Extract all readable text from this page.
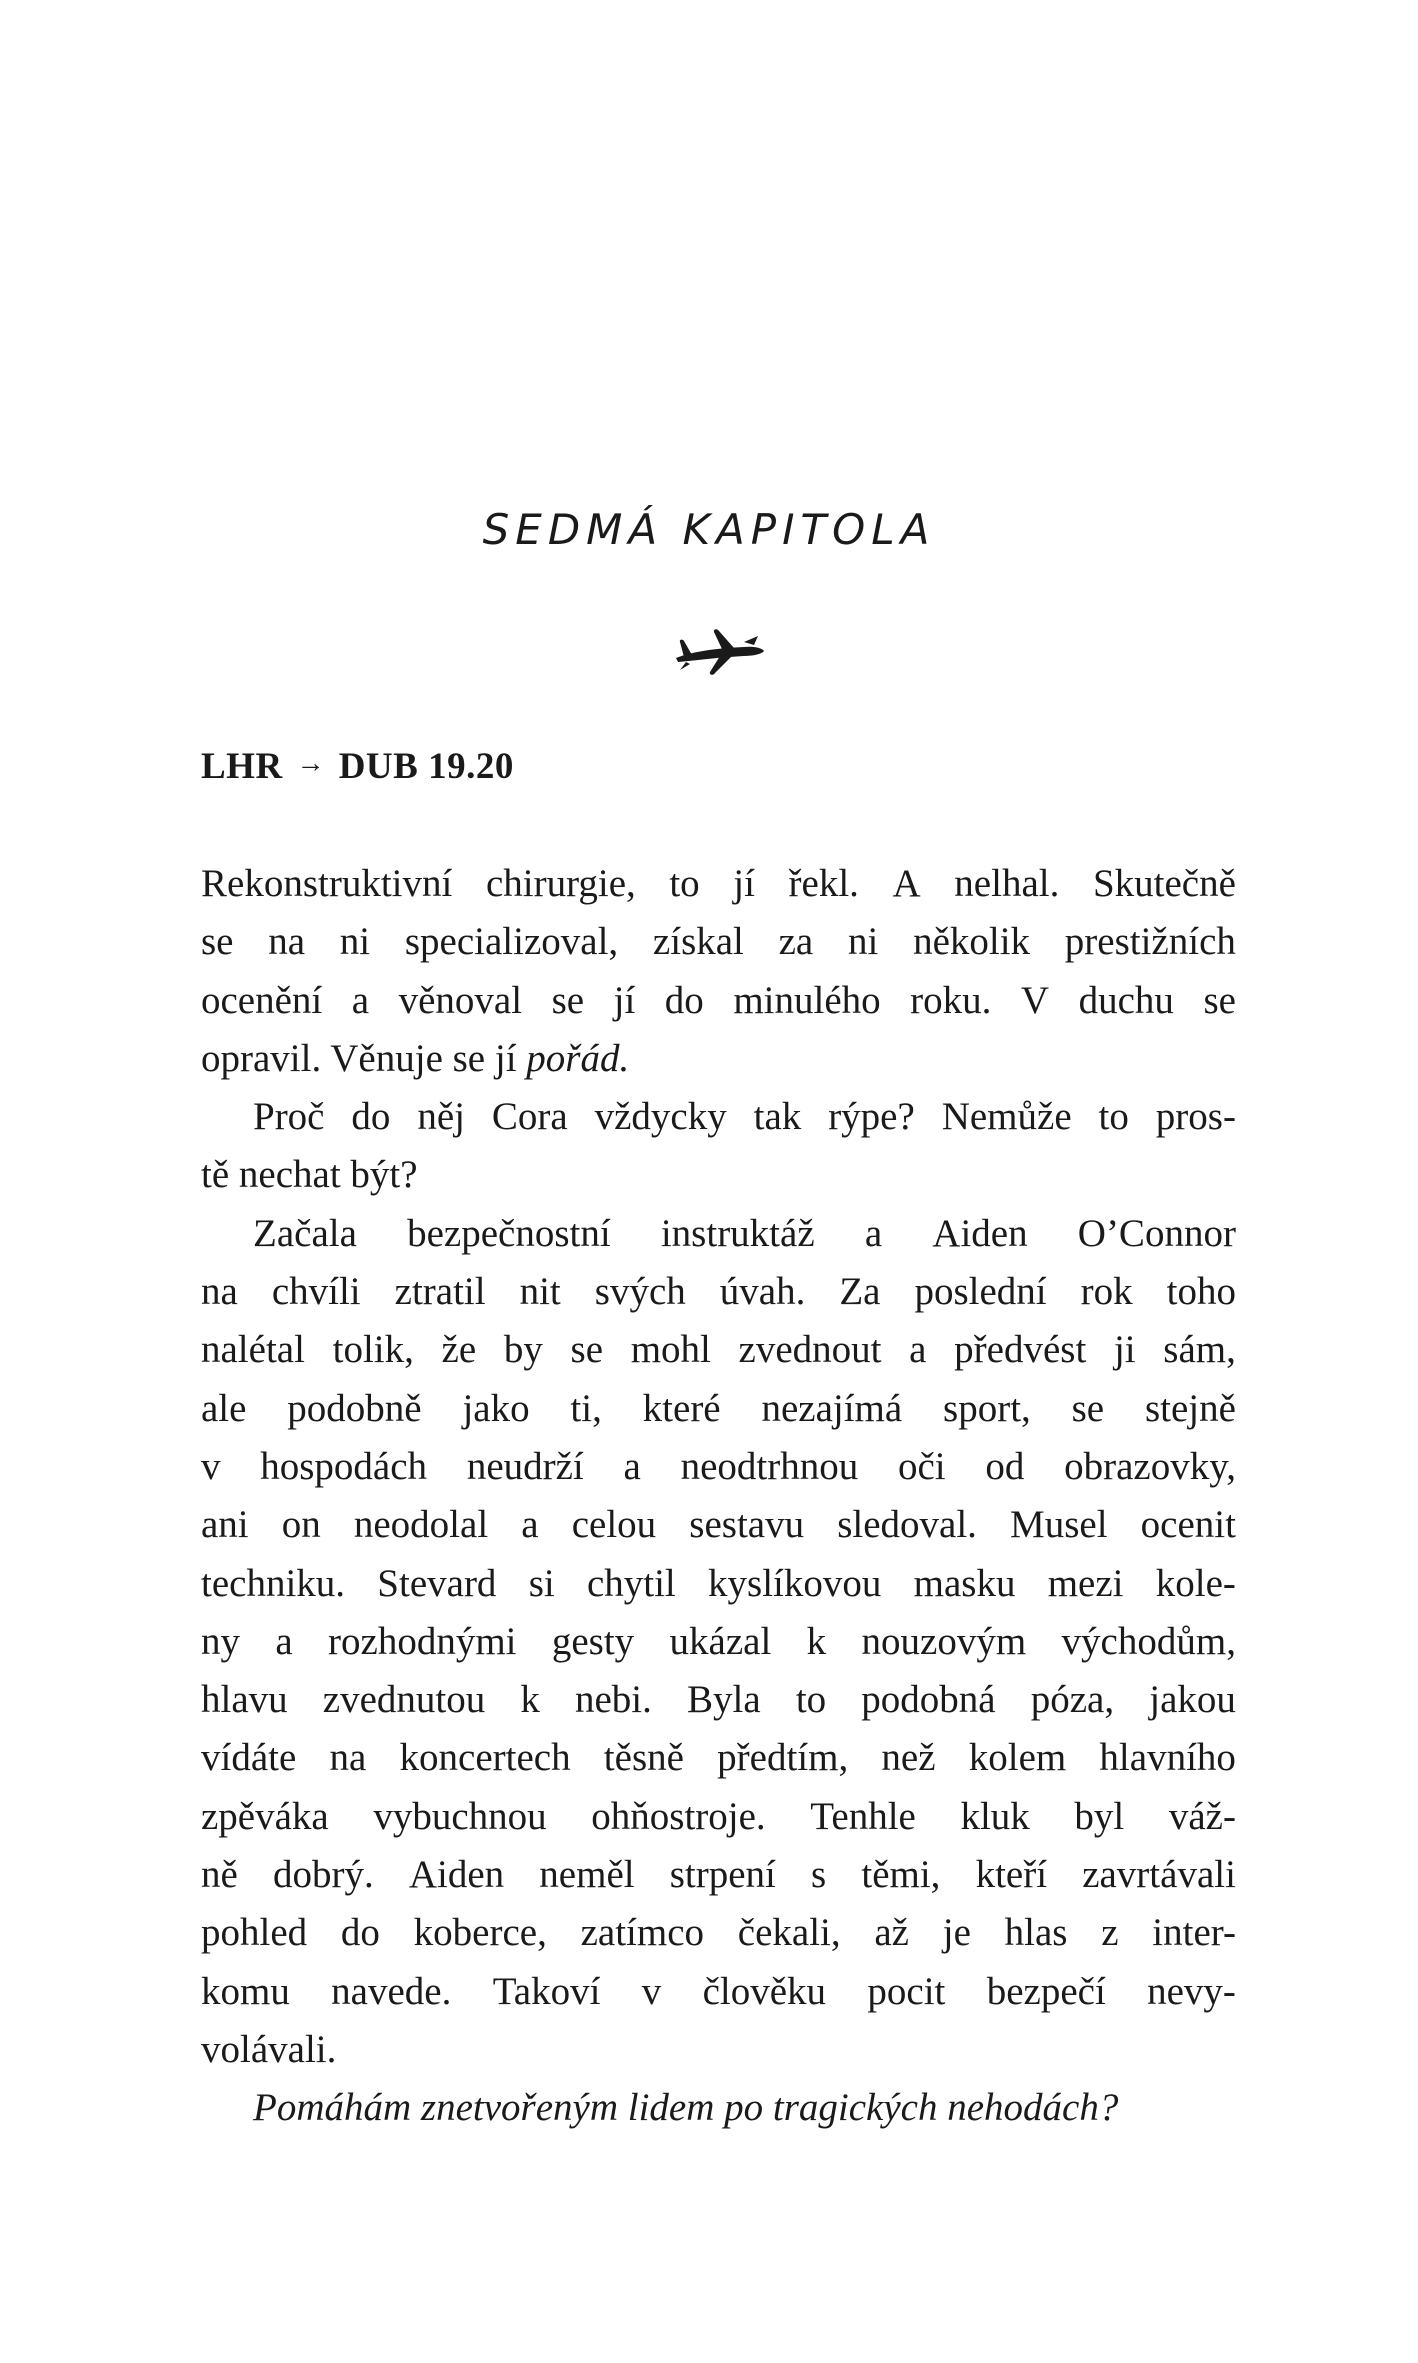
SEDMÁ KAPITOLA
LHR → DUB 19.20
Rekonstruktivní chirurgie, to jí řekl. A nelhal. Skutečně
se na ni specializoval, získal za ni několik prestižních
ocenění a věnoval se jí do minulého roku. V duchu se
opravil. Věnuje se jí
pořád.
Proč do něj Cora vždycky tak rýpe? Nemůže to pros-
tě nechat být?
Začala bezpečnostní instruktáž a Aiden O’Connor
na chvíli ztratil nit svých úvah. Za poslední rok toho
nalétal tolik, že by se mohl zvednout a předvést ji sám,
ale podobně jako ti, které nezajímá sport, se stejně
v hospodách neudrží a neodtrhnou oči od obrazovky,
ani on neodolal a celou sestavu sledoval. Musel ocenit
techniku. Stevard si chytil kyslíkovou masku mezi kole-
ny a rozhodnými gesty ukázal k nouzovým východům,
hlavu zvednutou k nebi. Byla to podobná póza, jakou
vídáte na koncertech těsně předtím, než kolem hlavního
zpěváka vybuchnou ohňostroje. Tenhle kluk byl váž-
ně dobrý. Aiden neměl strpení s těmi, kteří zavrtávali
pohled do koberce, zatímco čekali, až je hlas z inter-
komu navede. Takoví v člověku pocit bezpečí nevy-
volávali.
Pomáhám znetvořeným lidem po tragických nehodách?
